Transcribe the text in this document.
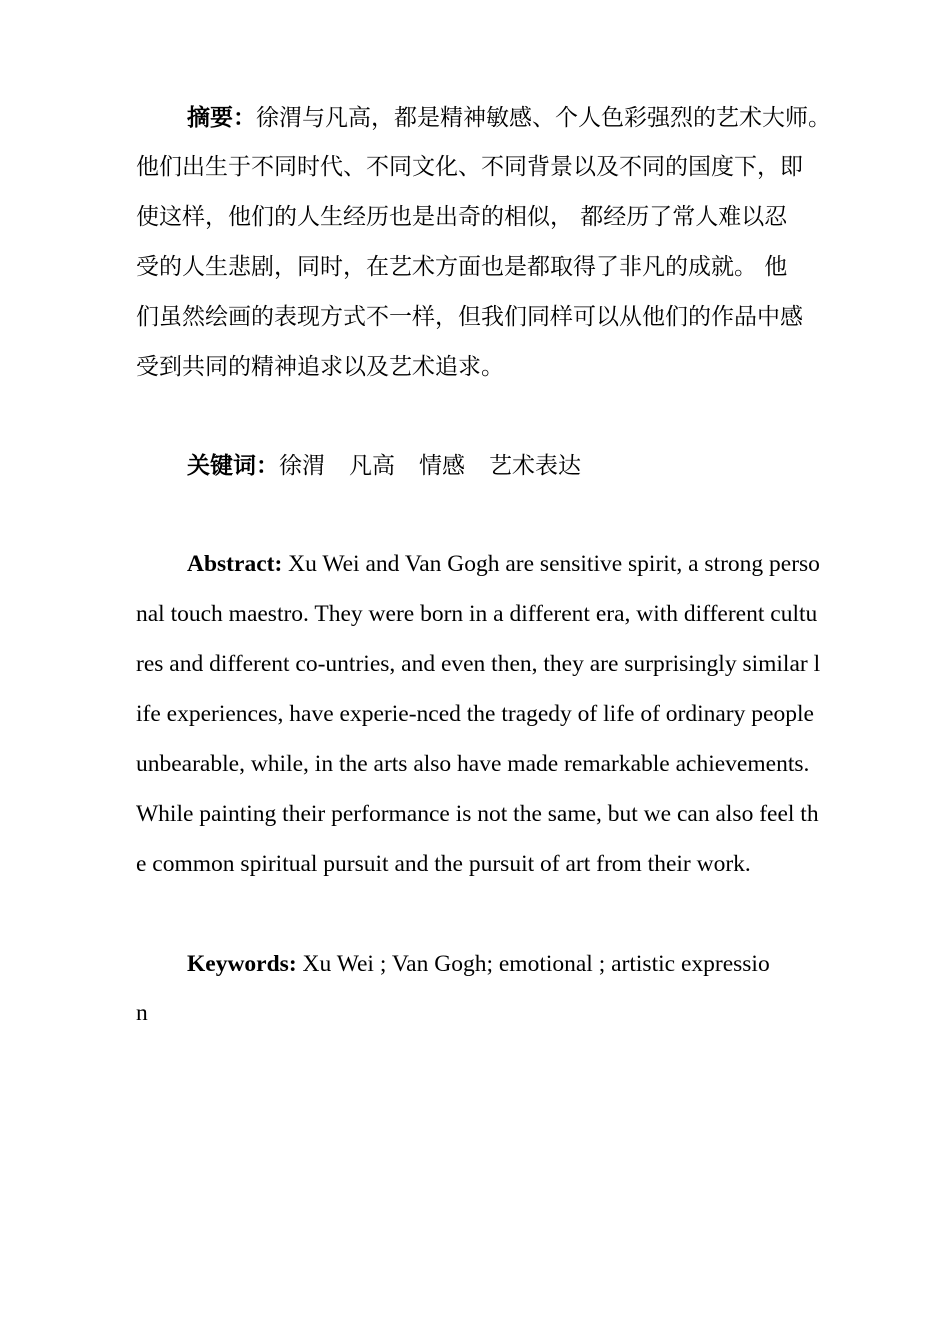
摘要：徐渭与凡高，都是精神敏感、个人色彩强烈的艺术大师。
他们出生于不同时代、不同文化、不同背景以及不同的国度下，即
使这样，他们的人生经历也是出奇的相似， 都经历了常人难以忍
受的人生悲剧，同时，在艺术方面也是都取得了非凡的成就。 他
们虽然绘画的表现方式不一样，但我们同样可以从他们的作品中感
受到共同的精神追求以及艺术追求。
关键词：徐渭 凡高 情感 艺术表达
Abstract: Xu Wei and Van Gogh are sensitive spirit, a strong perso
nal touch maestro. They were born in a different era, with different cultu
res and different co-untries, and even then, they are surprisingly similar l
ife experiences, have experie-nced the tragedy of life of ordinary people
unbearable, while, in the arts also have made remarkable achievements.
While painting their performance is not the same, but we can also feel th
e common spiritual pursuit and the pursuit of art from their work.
Keywords: Xu Wei ; Van Gogh; emotional ; artistic expressio
n
